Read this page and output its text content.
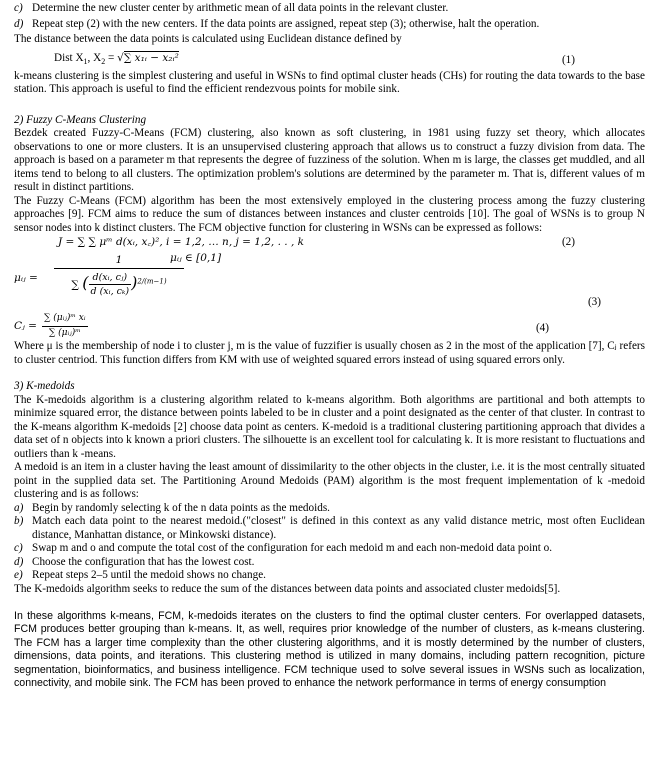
c) Determine the new cluster center by arithmetic mean of all data points in the relevant cluster.
d) Repeat step (2) with the new centers. If the data points are assigned, repeat step (3); otherwise, halt the operation.

The distance between the data points is calculated using Euclidean distance defined by

Dist $X_1$, $X_2$ = √∑ x₁ᵢ − x₂ᵢ²	(1)

k-means clustering is the simplest clustering and useful in WSNs to find optimal cluster heads (CHs) for routing the data towards to the base station. This approach is useful to find the efficient rendezvous points for mobile sink.

2) Fuzzy C-Means Clustering

Bezdek created Fuzzy-C-Means (FCM) clustering, also known as soft clustering, in 1981 using fuzzy set theory, which allocates observations to one or more clusters. It is an unsupervised clustering approach that allows us to construct a fuzzy division from data. The approach is based on a parameter m that represents the degree of fuzziness of the solution. When m is large, the classes get muddled, and all items tend to belong to all clusters. The optimization problem's solutions are determined by the parameter m. That is, different values of m result in distinct partitions.

The Fuzzy C-Means (FCM) algorithm has been the most extensively employed in the clustering process among the fuzzy clustering approaches [9]. FCM aims to reduce the sum of distances between instances and cluster centroids [10]. The goal of WSNs is to group N sensor nodes into k distinct clusters. The FCM objective function for clustering in WSNs can be expressed as follows:

J = ∑ ∑ μᵐ d(xᵢ, x꜀)², i = 1,2, … n, j = 1,2, . . , k	(2)
μᵢⱼ = $\frac{1}{\sum ( \frac{\text{d(xᵢ, cⱼ)}}{\text{d (xᵢ, cₖ)}} )^{2/(m-1)}}$
μᵢⱼ ∈ [0,1]
(3)
Cⱼ =
∑ (μᵢⱼ)ᵐ xᵢ
∑ (μᵢⱼ)ᵐ	(4)

Where μ is the membership of node i to cluster j, m is the value of fuzzifier is usually chosen as 2 in the most of the application [7], Cⱼ refers to cluster centriod. This function differs from KM with use of weighted squared errors instead of using squared errors only.

3) K-medoids

The K-medoids algorithm is a clustering algorithm related to k-means algorithm. Both algorithms are partitional and both attempts to minimize squared error, the distance between points labeled to be in cluster and a point designated as the center of that cluster. In contrast to the K-means algorithm K-medoids [2] choose data point as centers. K-medoid is a traditional clustering partitioning approach that divides a data set of n objects into k known a priori clusters. The silhouette is an excellent tool for calculating k. It is more resistant to fluctuations and outliers than k -means.

A medoid is an item in a cluster having the least amount of dissimilarity to the other objects in the cluster, i.e. it is the most centrally situated point in the supplied data set. The Partitioning Around Medoids (PAM) algorithm is the most frequent implementation of k -medoid clustering and is as follows:

a) Begin by randomly selecting k of the n data points as the medoids.
b) Match each data point to the nearest medoid.("closest" is defined in this context as any valid distance metric, most often Euclidean distance, Manhattan distance, or Minkowski distance).
c) Swap m and o and compute the total cost of the configuration for each medoid m and each non-medoid data point o.
d) Choose the configuration that has the lowest cost.
e) Repeat steps 2–5 until the medoid shows no change.

The K-medoids algorithm seeks to reduce the sum of the distances between data points and associated cluster medoids[5].

In these algorithms k-means, FCM, k-medoids iterates on the clusters to find the optimal cluster centers. For overlapped datasets, FCM produces better grouping than k-means. It, as well, requires prior knowledge of the number of clusters, as k-means clustering. The FCM has a larger time complexity than the other clustering algorithms, and it is mostly determined by the number of clusters, dimensions, data points, and iterations. This clustering method is utilized in many domains, including pattern recognition, picture segmentation, bioinformatics, and business intelligence. FCM technique used to solve several issues in WSNs such as localization, connectivity, and mobile sink. The FCM has been proved to enhance the network performance in terms of energy consumption
